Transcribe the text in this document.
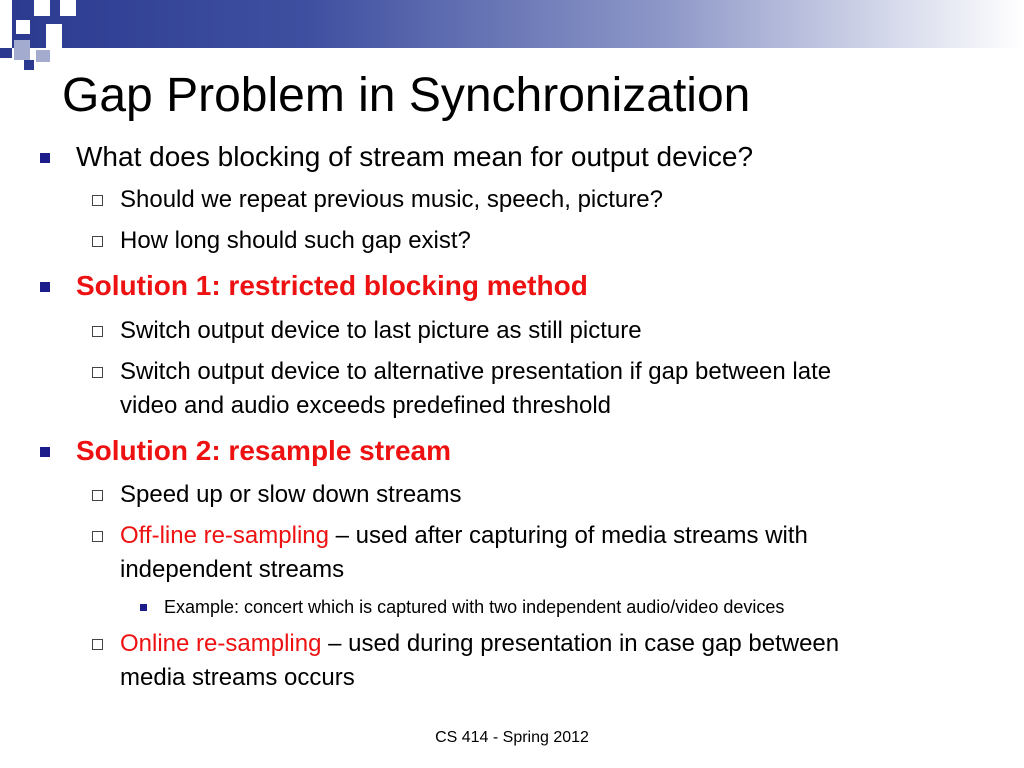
Gap Problem in Synchronization
What does blocking of stream mean for output device?
Should we repeat previous music, speech, picture?
How long should such gap exist?
Solution 1: restricted blocking method
Switch output device to last picture as still picture
Switch output device to alternative presentation if gap between late
video and audio exceeds predefined threshold
Solution 2: resample stream
Speed up or slow down streams
Off-line re-sampling – used after capturing of media streams with
independent streams
Example: concert which is captured with two independent audio/video devices
Online re-sampling – used during presentation in case gap between
media streams occurs
CS 414 - Spring 2012
